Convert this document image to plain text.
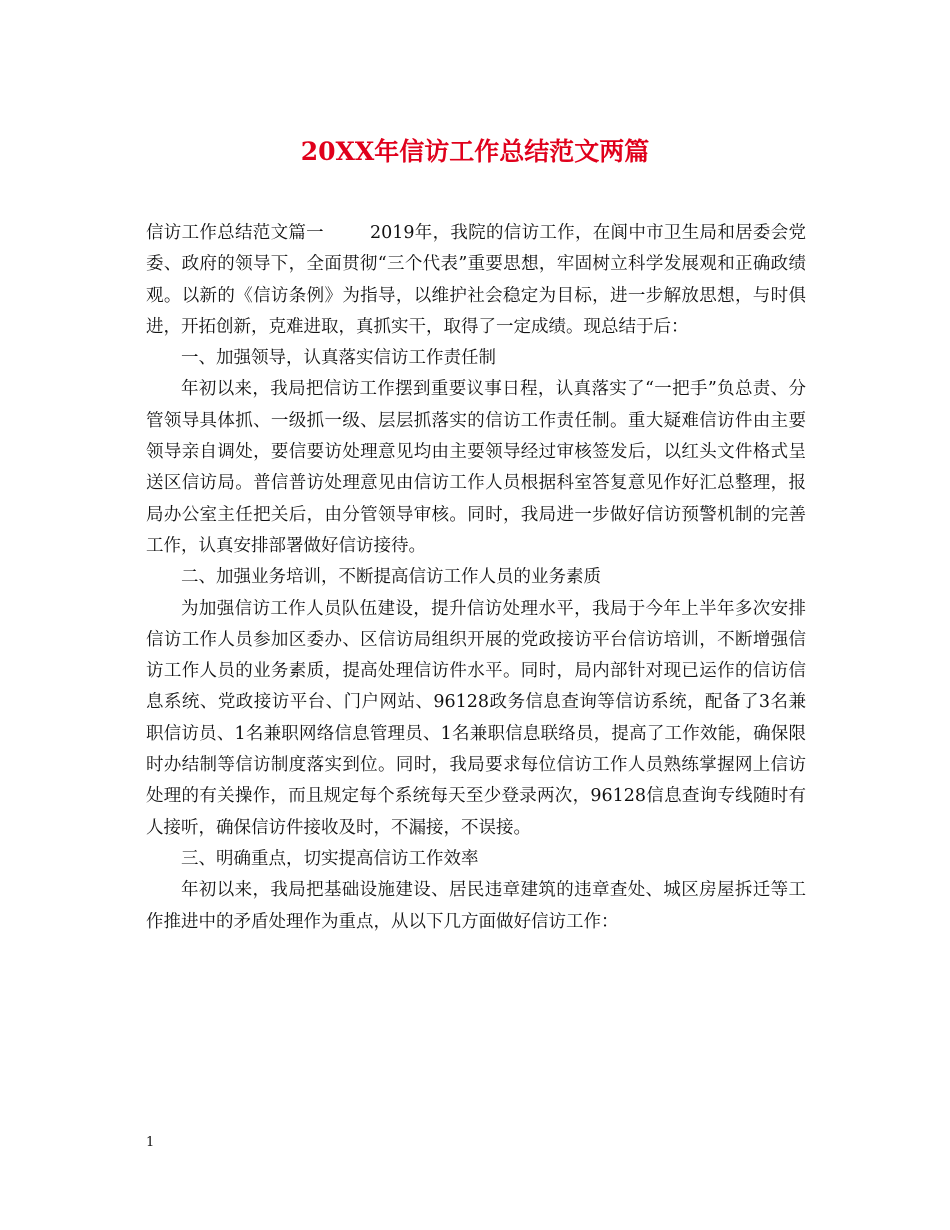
20XX年信访工作总结范文两篇

信访工作总结范文篇一	2019年，我院的信访工作，在阆中市卫生局和居委会党委、政府的领导下，全面贯彻“三个代表”重要思想，牢固树立科学发展观和正确政绩观。以新的《信访条例》为指导，以维护社会稳定为目标，进一步解放思想，与时俱进，开拓创新，克难进取，真抓实干，取得了一定成绩。现总结于后：

一、加强领导，认真落实信访工作责任制

年初以来，我局把信访工作摆到重要议事日程，认真落实了“一把手”负总责、分管领导具体抓、一级抓一级、层层抓落实的信访工作责任制。重大疑难信访件由主要领导亲自调处，要信要访处理意见均由主要领导经过审核签发后，以红头文件格式呈送区信访局。普信普访处理意见由信访工作人员根据科室答复意见作好汇总整理，报局办公室主任把关后，由分管领导审核。同时，我局进一步做好信访预警机制的完善工作，认真安排部署做好信访接待。

二、加强业务培训，不断提高信访工作人员的业务素质

为加强信访工作人员队伍建设，提升信访处理水平，我局于今年上半年多次安排信访工作人员参加区委办、区信访局组织开展的党政接访平台信访培训，不断增强信访工作人员的业务素质，提高处理信访件水平。同时，局内部针对现已运作的信访信息系统、党政接访平台、门户网站、96128政务信息查询等信访系统，配备了3名兼职信访员、1名兼职网络信息管理员、1名兼职信息联络员，提高了工作效能，确保限时办结制等信访制度落实到位。同时，我局要求每位信访工作人员熟练掌握网上信访处理的有关操作，而且规定每个系统每天至少登录两次，96128信息查询专线随时有人接听，确保信访件接收及时，不漏接，不误接。

三、明确重点，切实提高信访工作效率

年初以来，我局把基础设施建设、居民违章建筑的违章查处、城区房屋拆迁等工作推进中的矛盾处理作为重点，从以下几方面做好信访工作：

1
